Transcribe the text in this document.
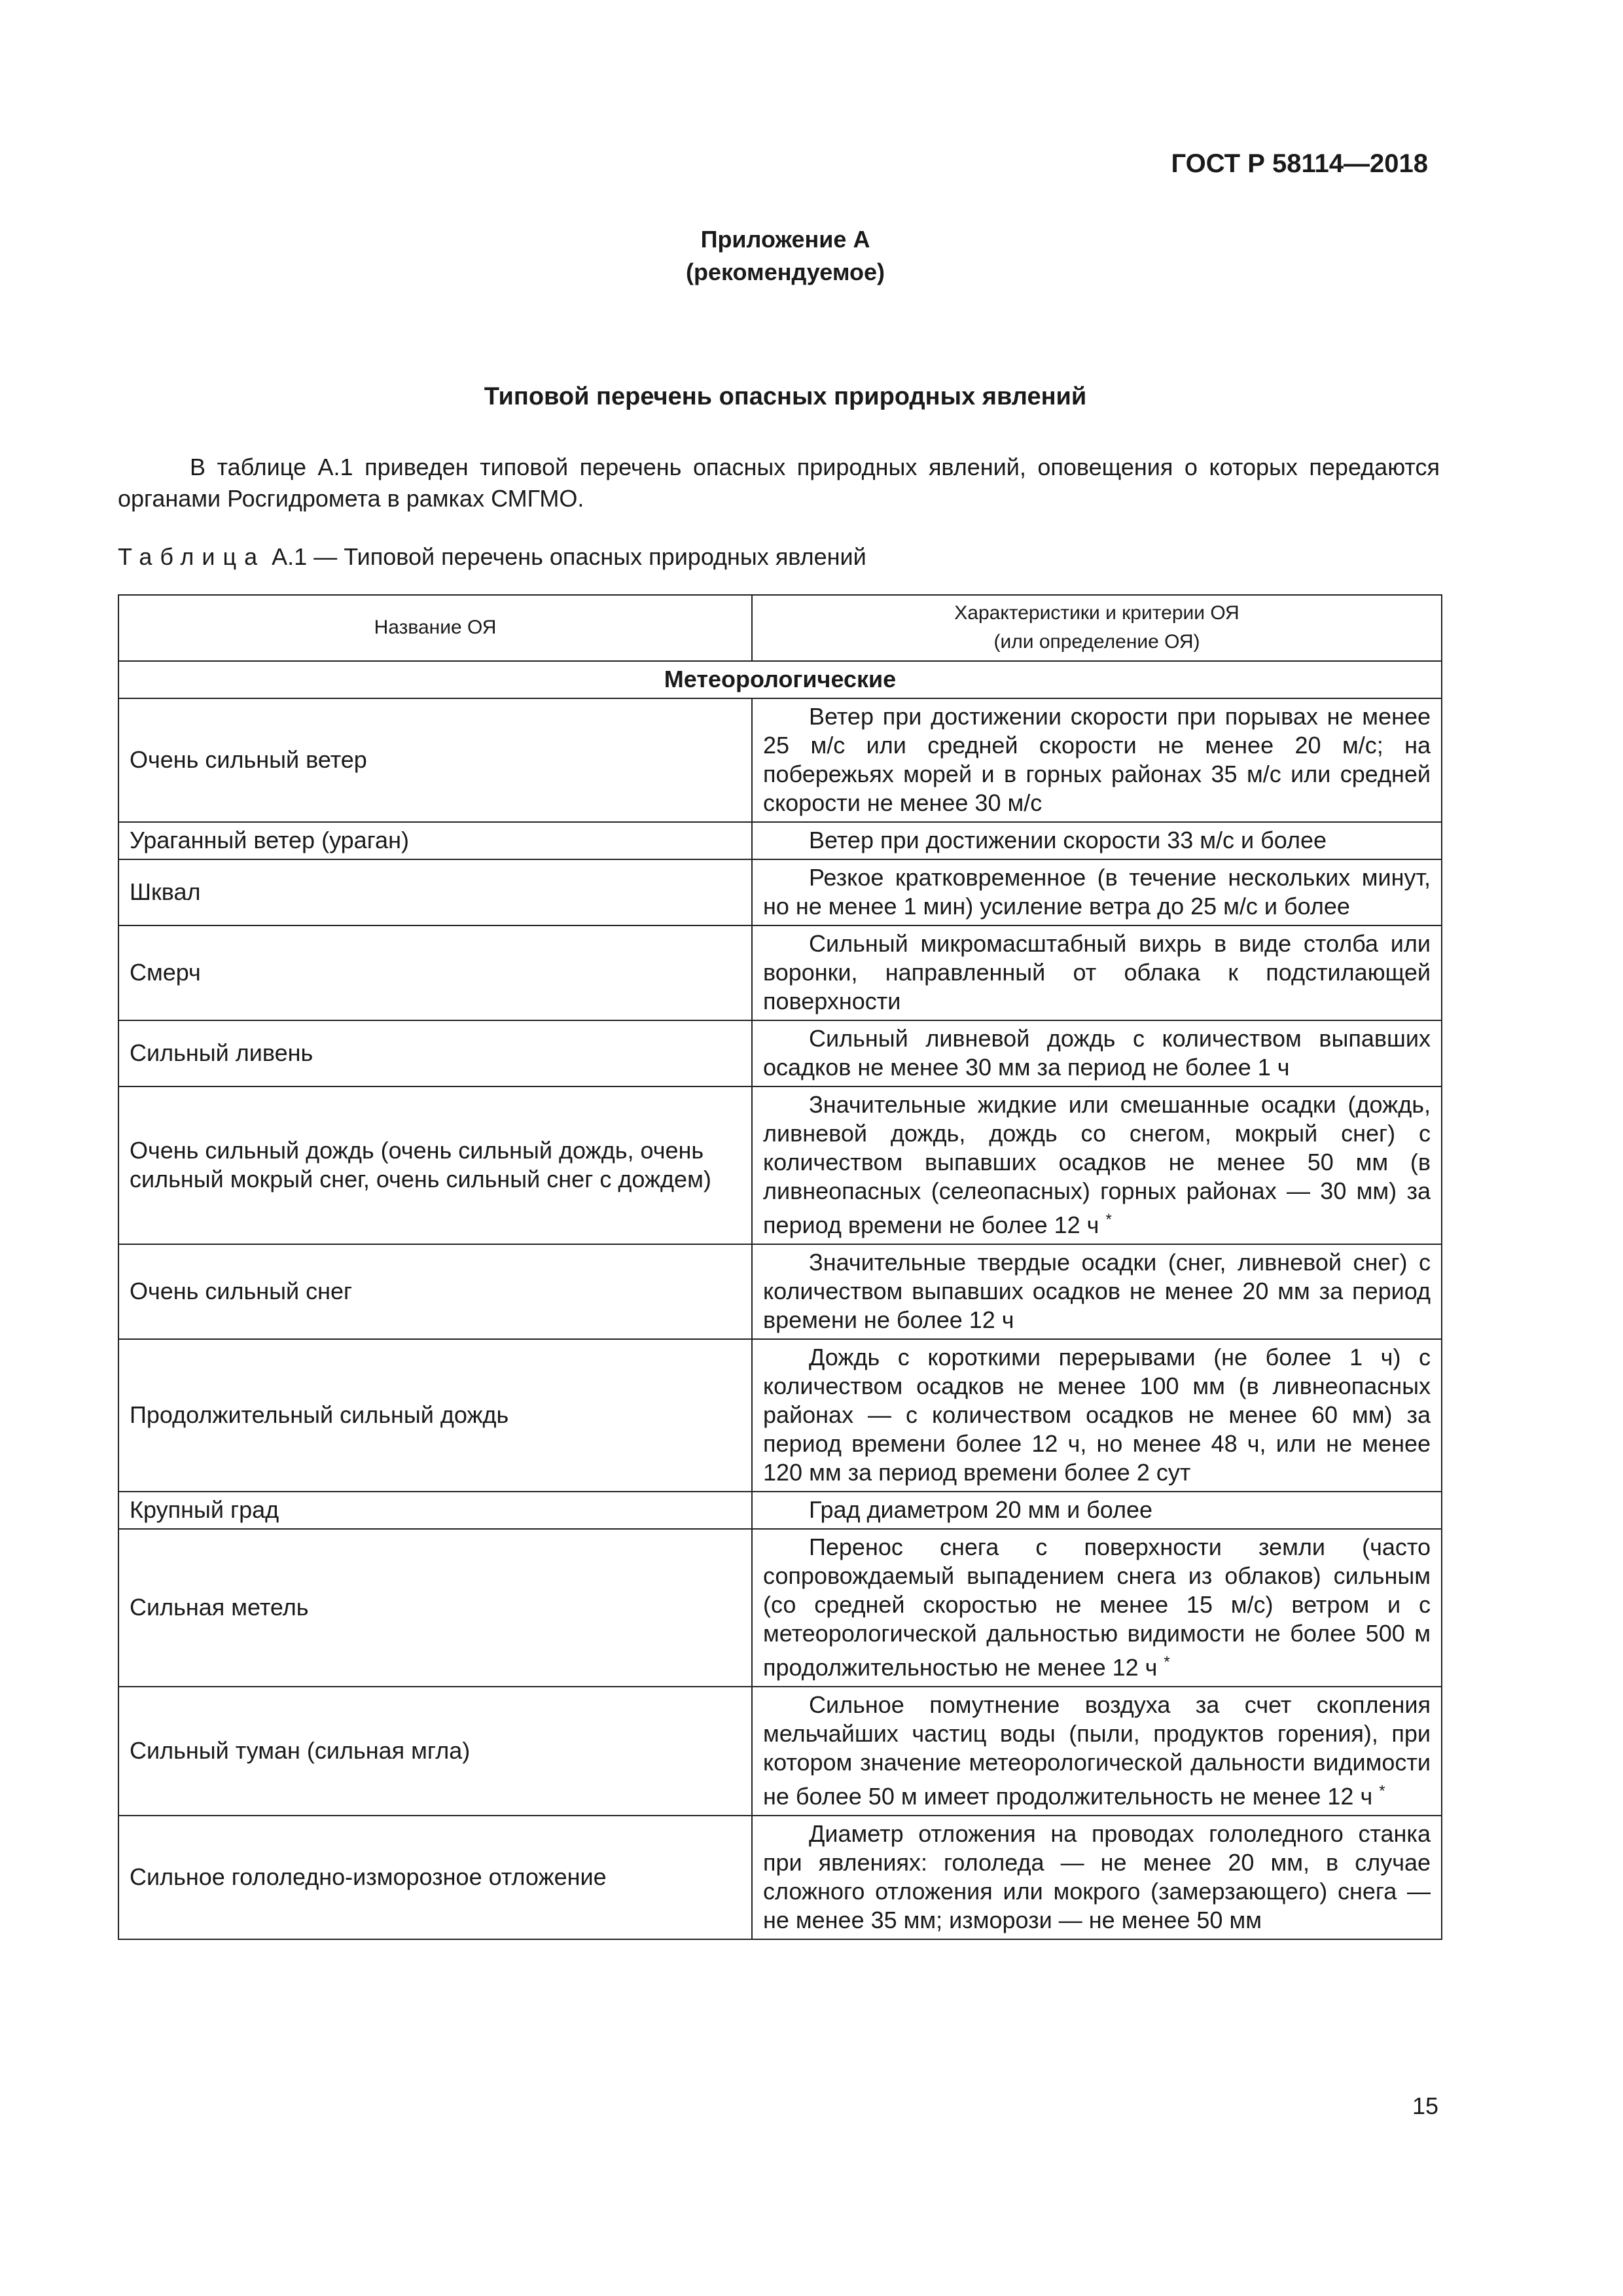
ГОСТ Р 58114—2018
Приложение А
(рекомендуемое)
Типовой перечень опасных природных явлений
В таблице А.1 приведен типовой перечень опасных природных явлений, оповещения о которых передаются органами Росгидромета в рамках СМГМО.
Таблица А.1 — Типовой перечень опасных природных явлений
Название ОЯ	Характеристики и критерии ОЯ
(или определение ОЯ)

Метеорологические	
Очень сильный ветер	Ветер при достижении скорости при порывах не менее 25 м/с или средней скорости не менее 20 м/с; на побережьях морей и в горных районах 35 м/с или средней скорости не менее 30 м/с
Ураганный ветер (ураган)	Ветер при достижении скорости 33 м/с и более
Шквал	Резкое кратковременное (в течение нескольких минут, но не менее 1 мин) усиление ветра до 25 м/с и более
Смерч	Сильный микромасштабный вихрь в виде столба или воронки, направленный от облака к подстилающей поверхности
Сильный ливень	Сильный ливневой дождь с количеством выпавших осадков не менее 30 мм за период не более 1 ч
Очень сильный дождь (очень сильный дождь, очень сильный мокрый снег, очень сильный снег с дождем)	Значительные жидкие или смешанные осадки (дождь, ливневой дождь, дождь со снегом, мокрый снег) с количеством выпавших осадков не менее 50 мм (в ливнеопасных (селеопасных) горных районах — 30 мм) за период времени не более 12 ч *
Очень сильный снег	Значительные твердые осадки (снег, ливневой снег) с количеством выпавших осадков не менее 20 мм за период времени не более 12 ч
Продолжительный сильный дождь	Дождь с короткими перерывами (не более 1 ч) с количеством осадков не менее 100 мм (в ливнеопасных районах — с количеством осадков не менее 60 мм) за период времени более 12 ч, но менее 48 ч, или не менее 120 мм за период времени более 2 сут
Крупный град	Град диаметром 20 мм и более
Сильная метель	Перенос снега с поверхности земли (часто сопровождаемый выпадением снега из облаков) сильным (со средней скоростью не менее 15 м/с) ветром и с метеорологической дальностью видимости не более 500 м продолжительностью не менее 12 ч *
Сильный туман (сильная мгла)	Сильное помутнение воздуха за счет скопления мельчайших частиц воды (пыли, продуктов горения), при котором значение метеорологической дальности видимости не более 50 м имеет продолжительность не менее 12 ч *
Сильное гололедно-изморозное отложение	Диаметр отложения на проводах гололедного станка при явлениях: гололеда — не менее 20 мм, в случае сложного отложения или мокрого (замерзающего) снега — не менее 35 мм; изморози — не менее 50 мм
15
